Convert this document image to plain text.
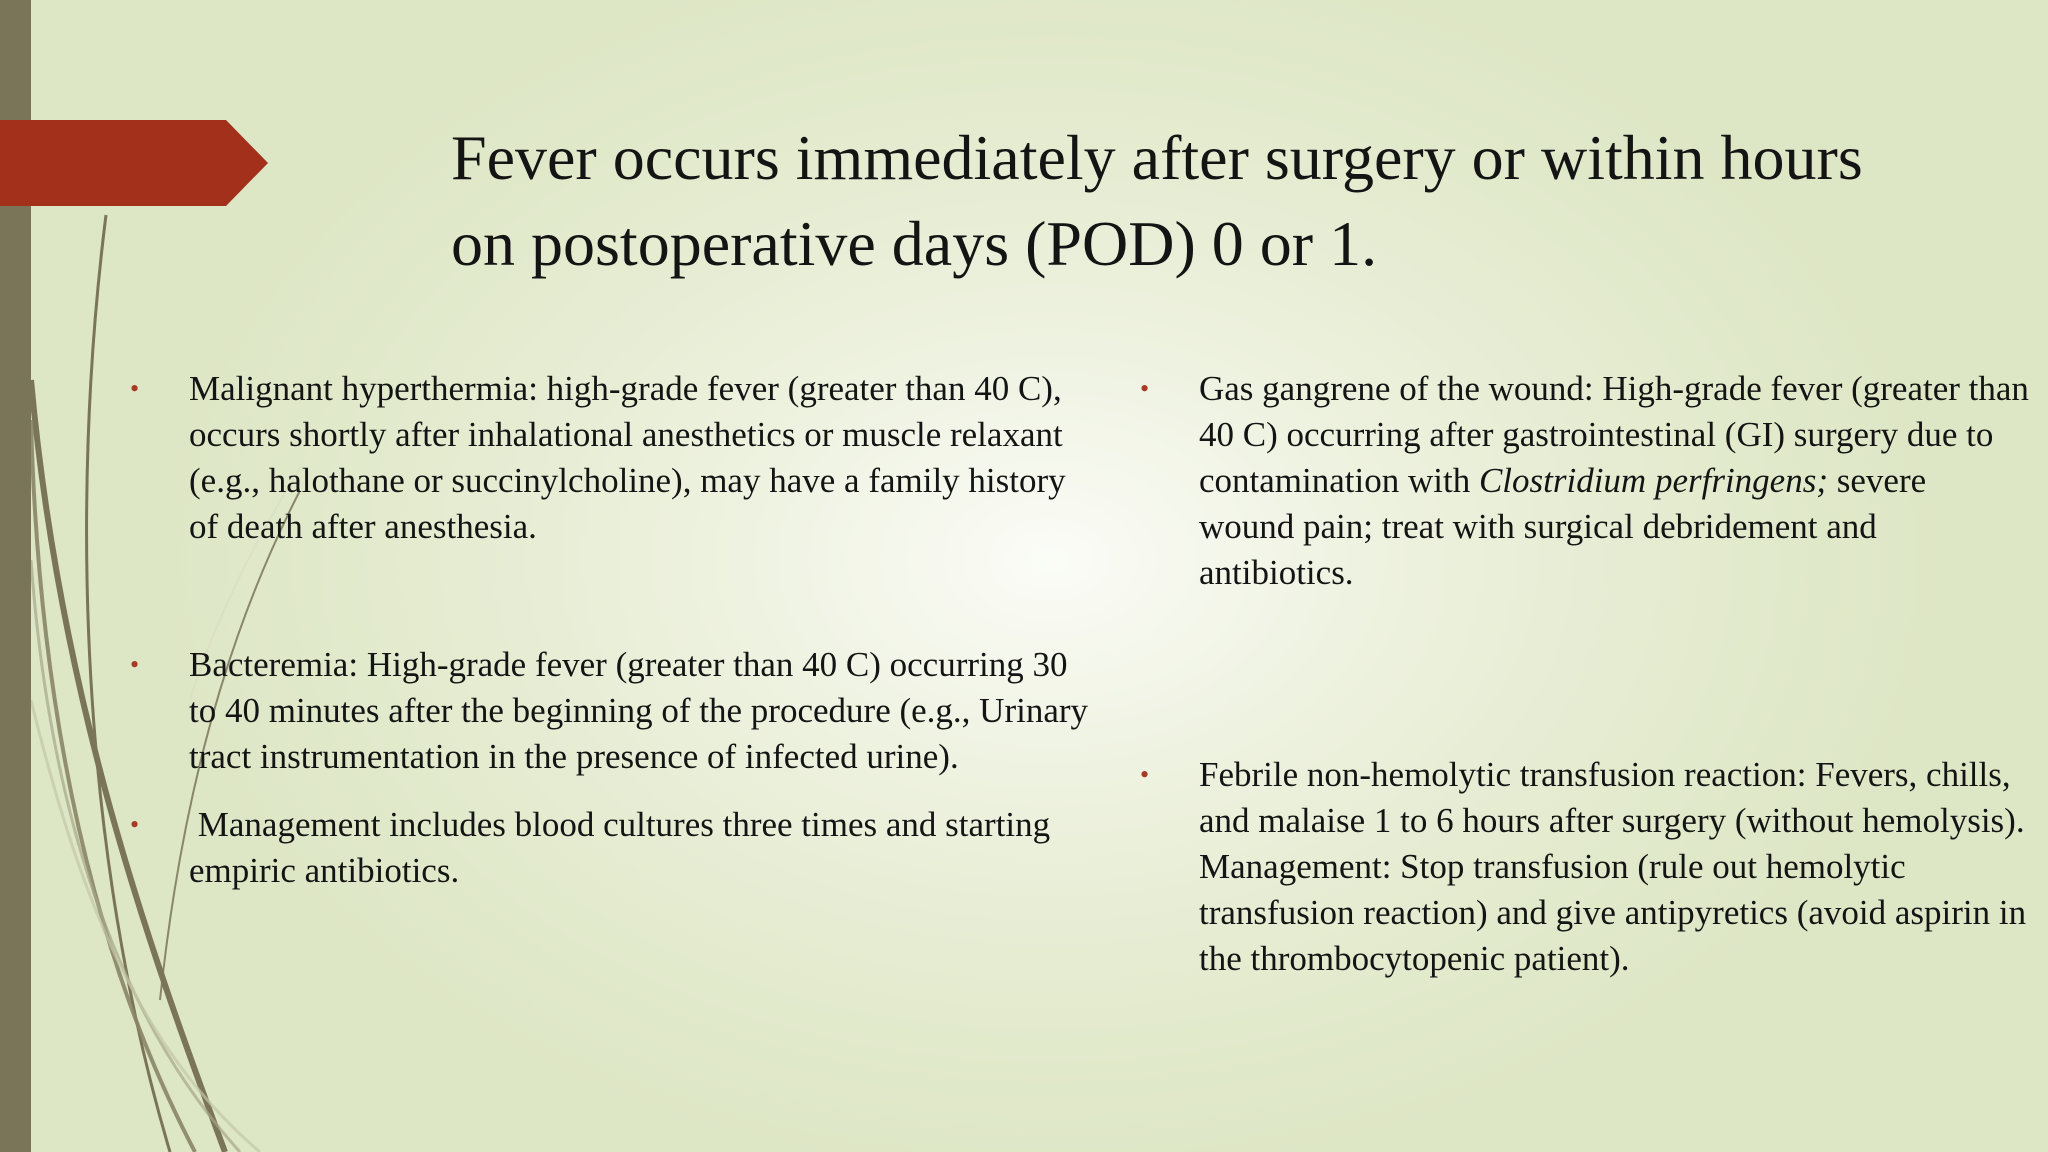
Fever occurs immediately after surgery or within hours on postoperative days (POD) 0 or 1.
• Malignant hyperthermia: high-grade fever (greater than 40 C), occurs shortly after inhalational anesthetics or muscle relaxant (e.g., halothane or succinylcholine), may have a family history of death after anesthesia.
• Bacteremia: High-grade fever (greater than 40 C) occurring 30 to 40 minutes after the beginning of the procedure (e.g., Urinary tract instrumentation in the presence of infected urine).
• Management includes blood cultures three times and starting empiric antibiotics.
• Gas gangrene of the wound: High-grade fever (greater than 40 C) occurring after gastrointestinal (GI) surgery due to contamination with Clostridium perfringens; severe wound pain; treat with surgical debridement and antibiotics.
• Febrile non-hemolytic transfusion reaction: Fevers, chills, and malaise 1 to 6 hours after surgery (without hemolysis). Management: Stop transfusion (rule out hemolytic transfusion reaction) and give antipyretics (avoid aspirin in the thrombocytopenic patient).
